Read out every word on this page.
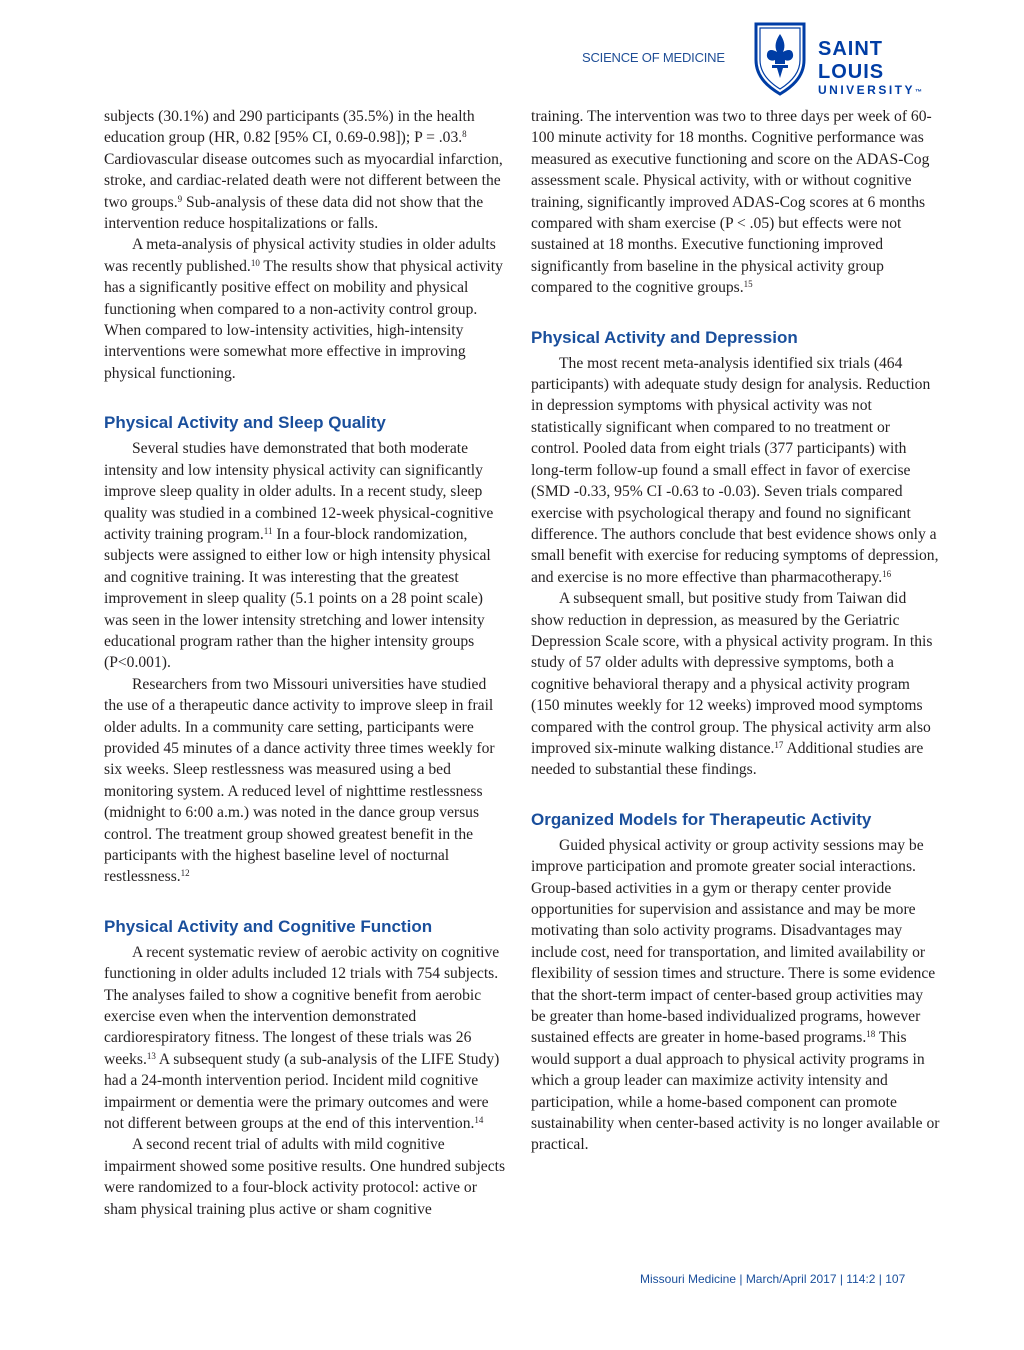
SCIENCE OF MEDICINE	SAINT LOUIS
UNIVERSITY™

subjects (30.1%) and 290 participants (35.5%) in the health education group (HR, 0.82 [95% CI, 0.69-0.98]); P = .03.$^8$ Cardiovascular disease outcomes such as myocardial infarction, stroke, and cardiac-related death were not different between the two groups.$^9$ Sub-analysis of these data did not show that the intervention reduce hospitalizations or falls.

A meta-analysis of physical activity studies in older adults was recently published.$^{10}$ The results show that physical activity has a significantly positive effect on mobility and physical functioning when compared to a non-activity control group. When compared to low-intensity activities, high-intensity interventions were somewhat more effective in improving physical functioning.

Physical Activity and Sleep Quality

Several studies have demonstrated that both moderate intensity and low intensity physical activity can significantly improve sleep quality in older adults. In a recent study, sleep quality was studied in a combined 12-week physical-cognitive activity training program.$^{11}$ In a four-block randomization, subjects were assigned to either low or high intensity physical and cognitive training. It was interesting that the greatest improvement in sleep quality (5.1 points on a 28 point scale) was seen in the lower intensity stretching and lower intensity educational program rather than the higher intensity groups (P<0.001).

Researchers from two Missouri universities have studied the use of a therapeutic dance activity to improve sleep in frail older adults. In a community care setting, participants were provided 45 minutes of a dance activity three times weekly for six weeks. Sleep restlessness was measured using a bed monitoring system. A reduced level of nighttime restlessness (midnight to 6:00 a.m.) was noted in the dance group versus control. The treatment group showed greatest benefit in the participants with the highest baseline level of nocturnal restlessness.$^{12}$

Physical Activity and Cognitive Function

A recent systematic review of aerobic activity on cognitive functioning in older adults included 12 trials with 754 subjects. The analyses failed to show a cognitive benefit from aerobic exercise even when the intervention demonstrated cardiorespiratory fitness. The longest of these trials was 26 weeks.$^{13}$ A subsequent study (a sub-analysis of the LIFE Study) had a 24-month intervention period. Incident mild cognitive impairment or dementia were the primary outcomes and were not different between groups at the end of this intervention.$^{14}$

A second recent trial of adults with mild cognitive impairment showed some positive results. One hundred subjects were randomized to a four-block activity protocol: active or sham physical training plus active or sham cognitive

training. The intervention was two to three days per week of 60-100 minute activity for 18 months. Cognitive performance was measured as executive functioning and score on the ADAS-Cog assessment scale. Physical activity, with or without cognitive training, significantly improved ADAS-Cog scores at 6 months compared with sham exercise (P < .05) but effects were not sustained at 18 months. Executive functioning improved significantly from baseline in the physical activity group compared to the cognitive groups.$^{15}$

Physical Activity and Depression

The most recent meta-analysis identified six trials (464 participants) with adequate study design for analysis. Reduction in depression symptoms with physical activity was not statistically significant when compared to no treatment or control. Pooled data from eight trials (377 participants) with long-term follow-up found a small effect in favor of exercise (SMD -0.33, 95% CI -0.63 to -0.03). Seven trials compared exercise with psychological therapy and found no significant difference. The authors conclude that best evidence shows only a small benefit with exercise for reducing symptoms of depression, and exercise is no more effective than pharmacotherapy.$^{16}$

A subsequent small, but positive study from Taiwan did show reduction in depression, as measured by the Geriatric Depression Scale score, with a physical activity program. In this study of 57 older adults with depressive symptoms, both a cognitive behavioral therapy and a physical activity program (150 minutes weekly for 12 weeks) improved mood symptoms compared with the control group. The physical activity arm also improved six-minute walking distance.$^{17}$ Additional studies are needed to substantial these findings.

Organized Models for Therapeutic Activity

Guided physical activity or group activity sessions may be improve participation and promote greater social interactions. Group-based activities in a gym or therapy center provide opportunities for supervision and assistance and may be more motivating than solo activity programs. Disadvantages may include cost, need for transportation, and limited availability or flexibility of session times and structure. There is some evidence that the short-term impact of center-based group activities may be greater than home-based individualized programs, however sustained effects are greater in home-based programs.$^{18}$ This would support a dual approach to physical activity programs in which a group leader can maximize activity intensity and participation, while a home-based component can promote sustainability when center-based activity is no longer available or practical.

Missouri Medicine | March/April 2017 | 114:2 | 107
